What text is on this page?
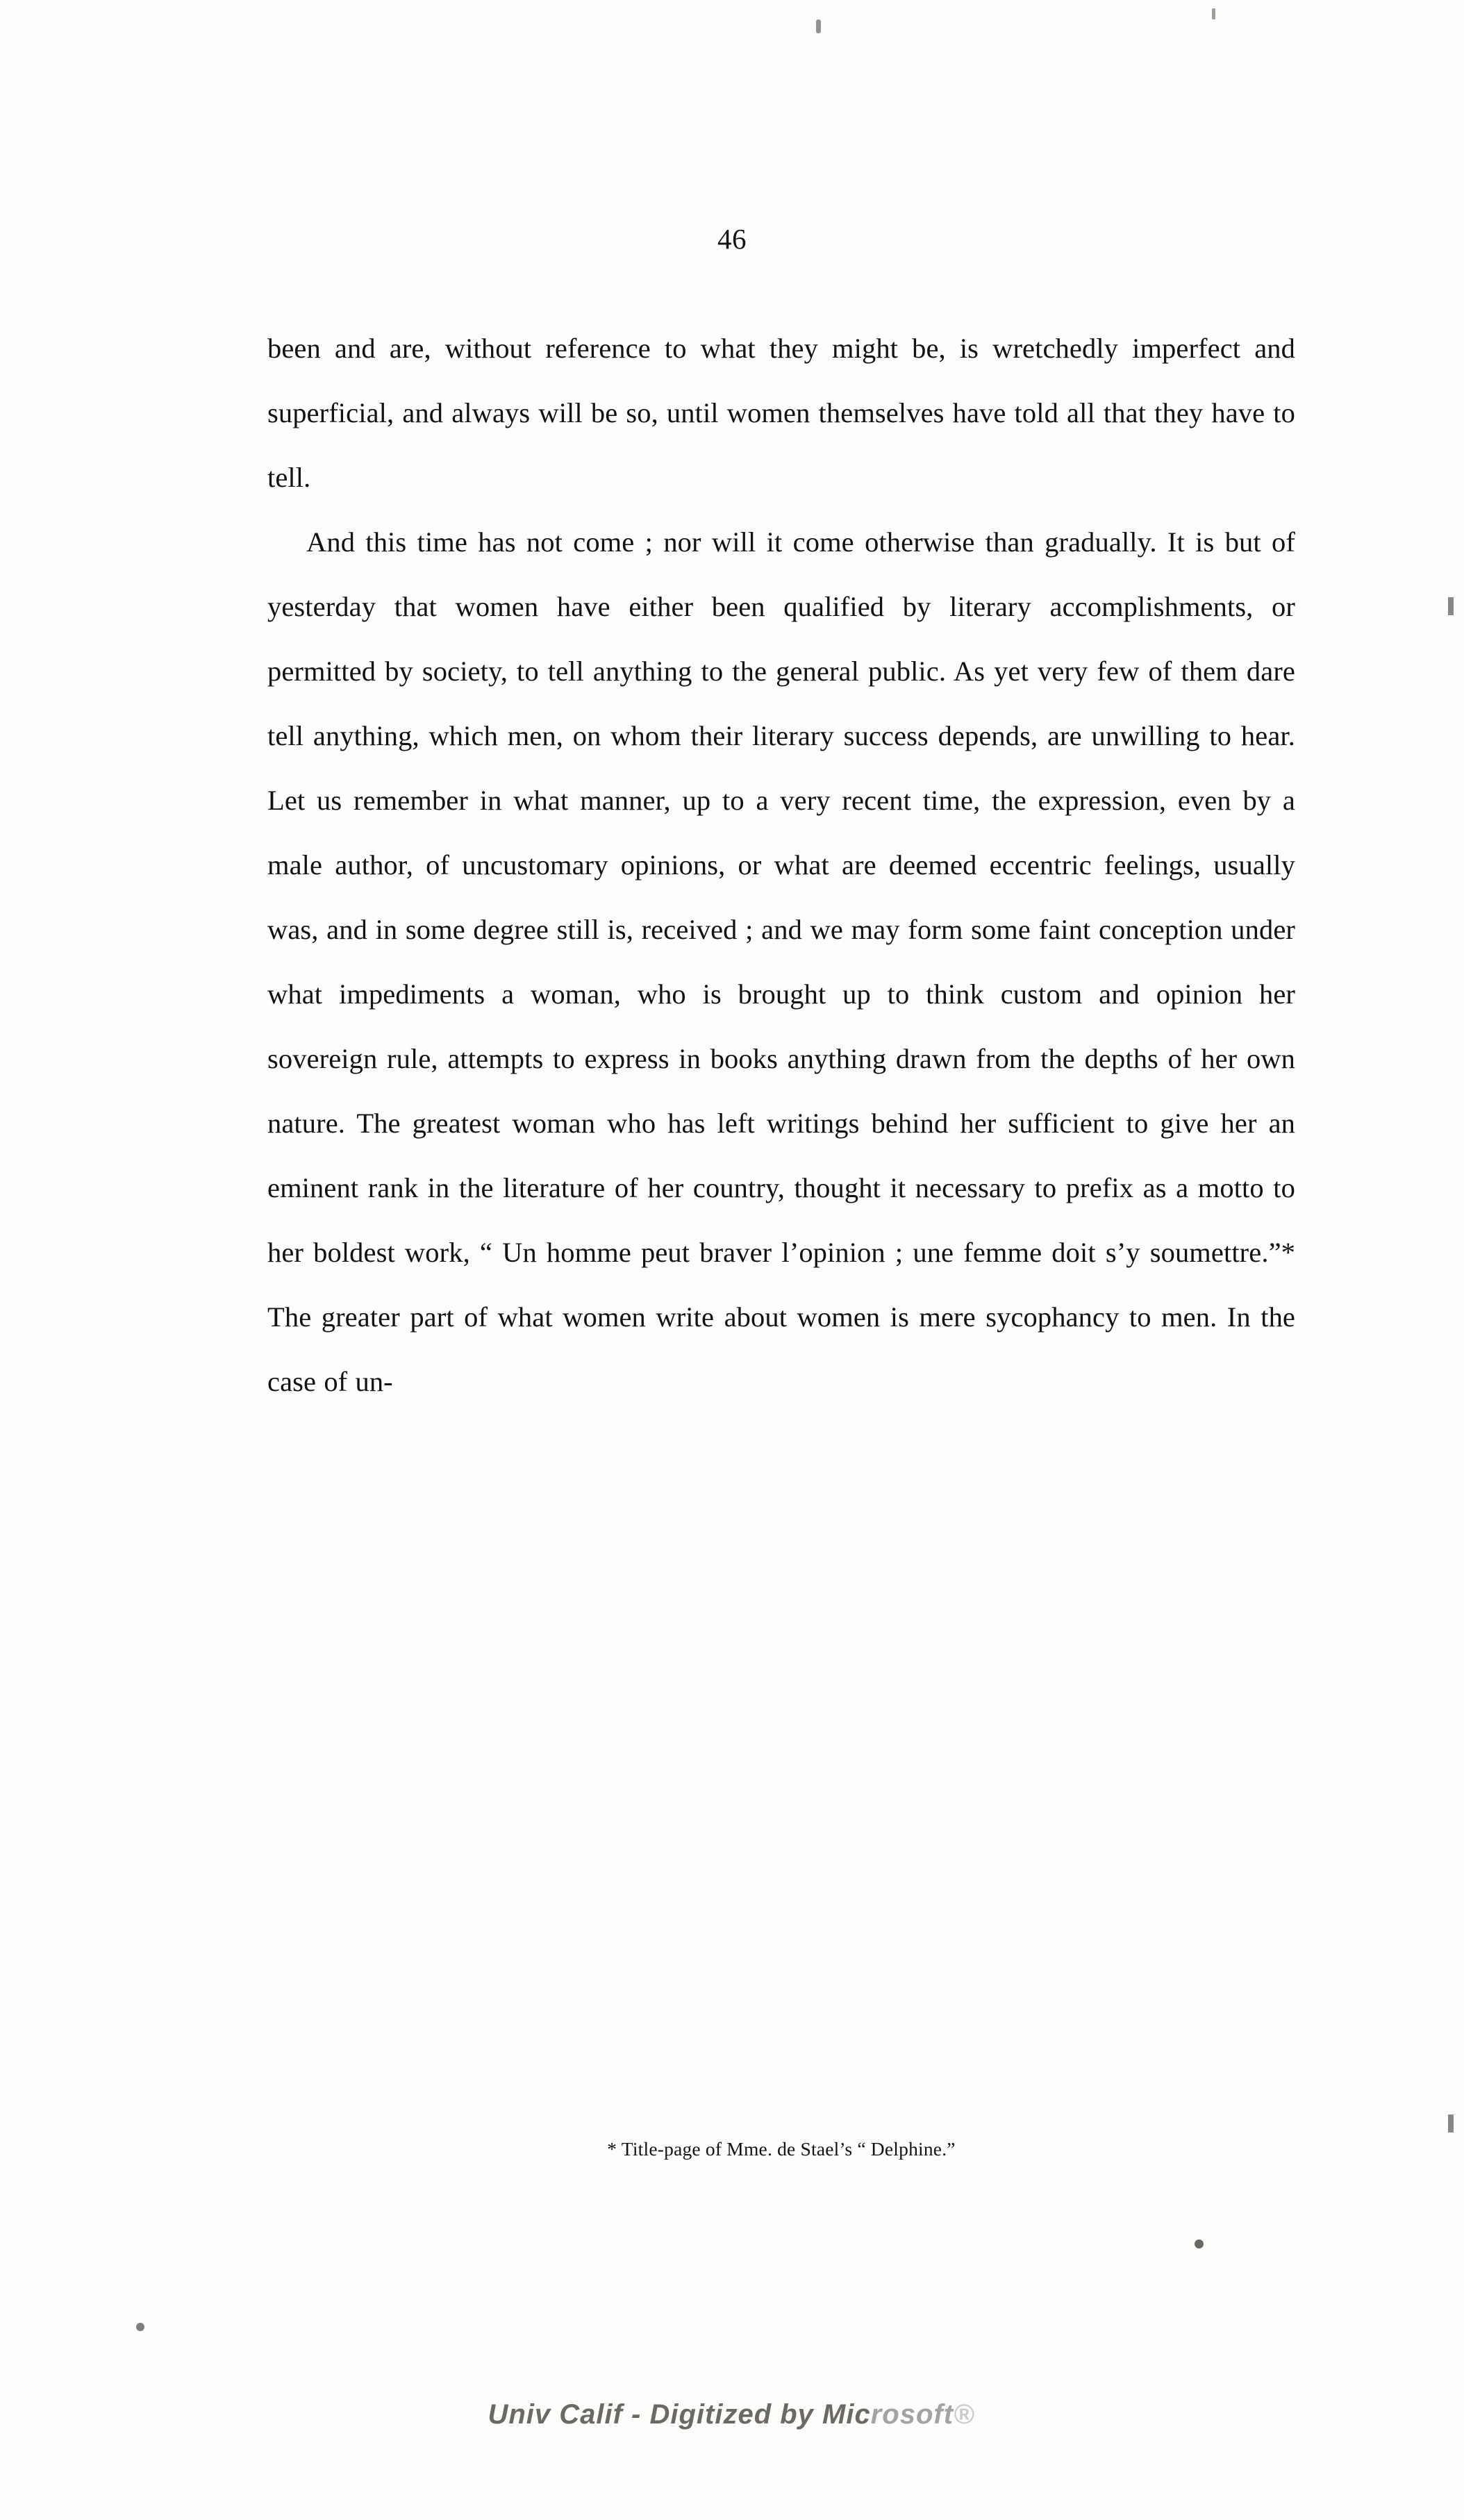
46

been and are, without reference to what they might be, is wretchedly imperfect and superficial, and always will be so, until women themselves have told all that they have to tell.

And this time has not come ; nor will it come otherwise than gradually. It is but of yesterday that women have either been qualified by literary accomplishments, or permitted by society, to tell anything to the general public. As yet very few of them dare tell anything, which men, on whom their literary success depends, are unwilling to hear. Let us remember in what manner, up to a very recent time, the expression, even by a male author, of uncustomary opinions, or what are deemed eccentric feelings, usually was, and in some degree still is, received ; and we may form some faint conception under what impediments a woman, who is brought up to think custom and opinion her sovereign rule, attempts to express in books anything drawn from the depths of her own nature. The greatest woman who has left writings behind her sufficient to give her an eminent rank in the literature of her country, thought it necessary to prefix as a motto to her boldest work, “ Un homme peut braver l’opinion ; une femme doit s’y soumettre.”* The greater part of what women write about women is mere sycophancy to men. In the case of un-

* Title-page of Mme. de Stael’s “ Delphine.”
Univ Calif - Digitized by Microsoft®
